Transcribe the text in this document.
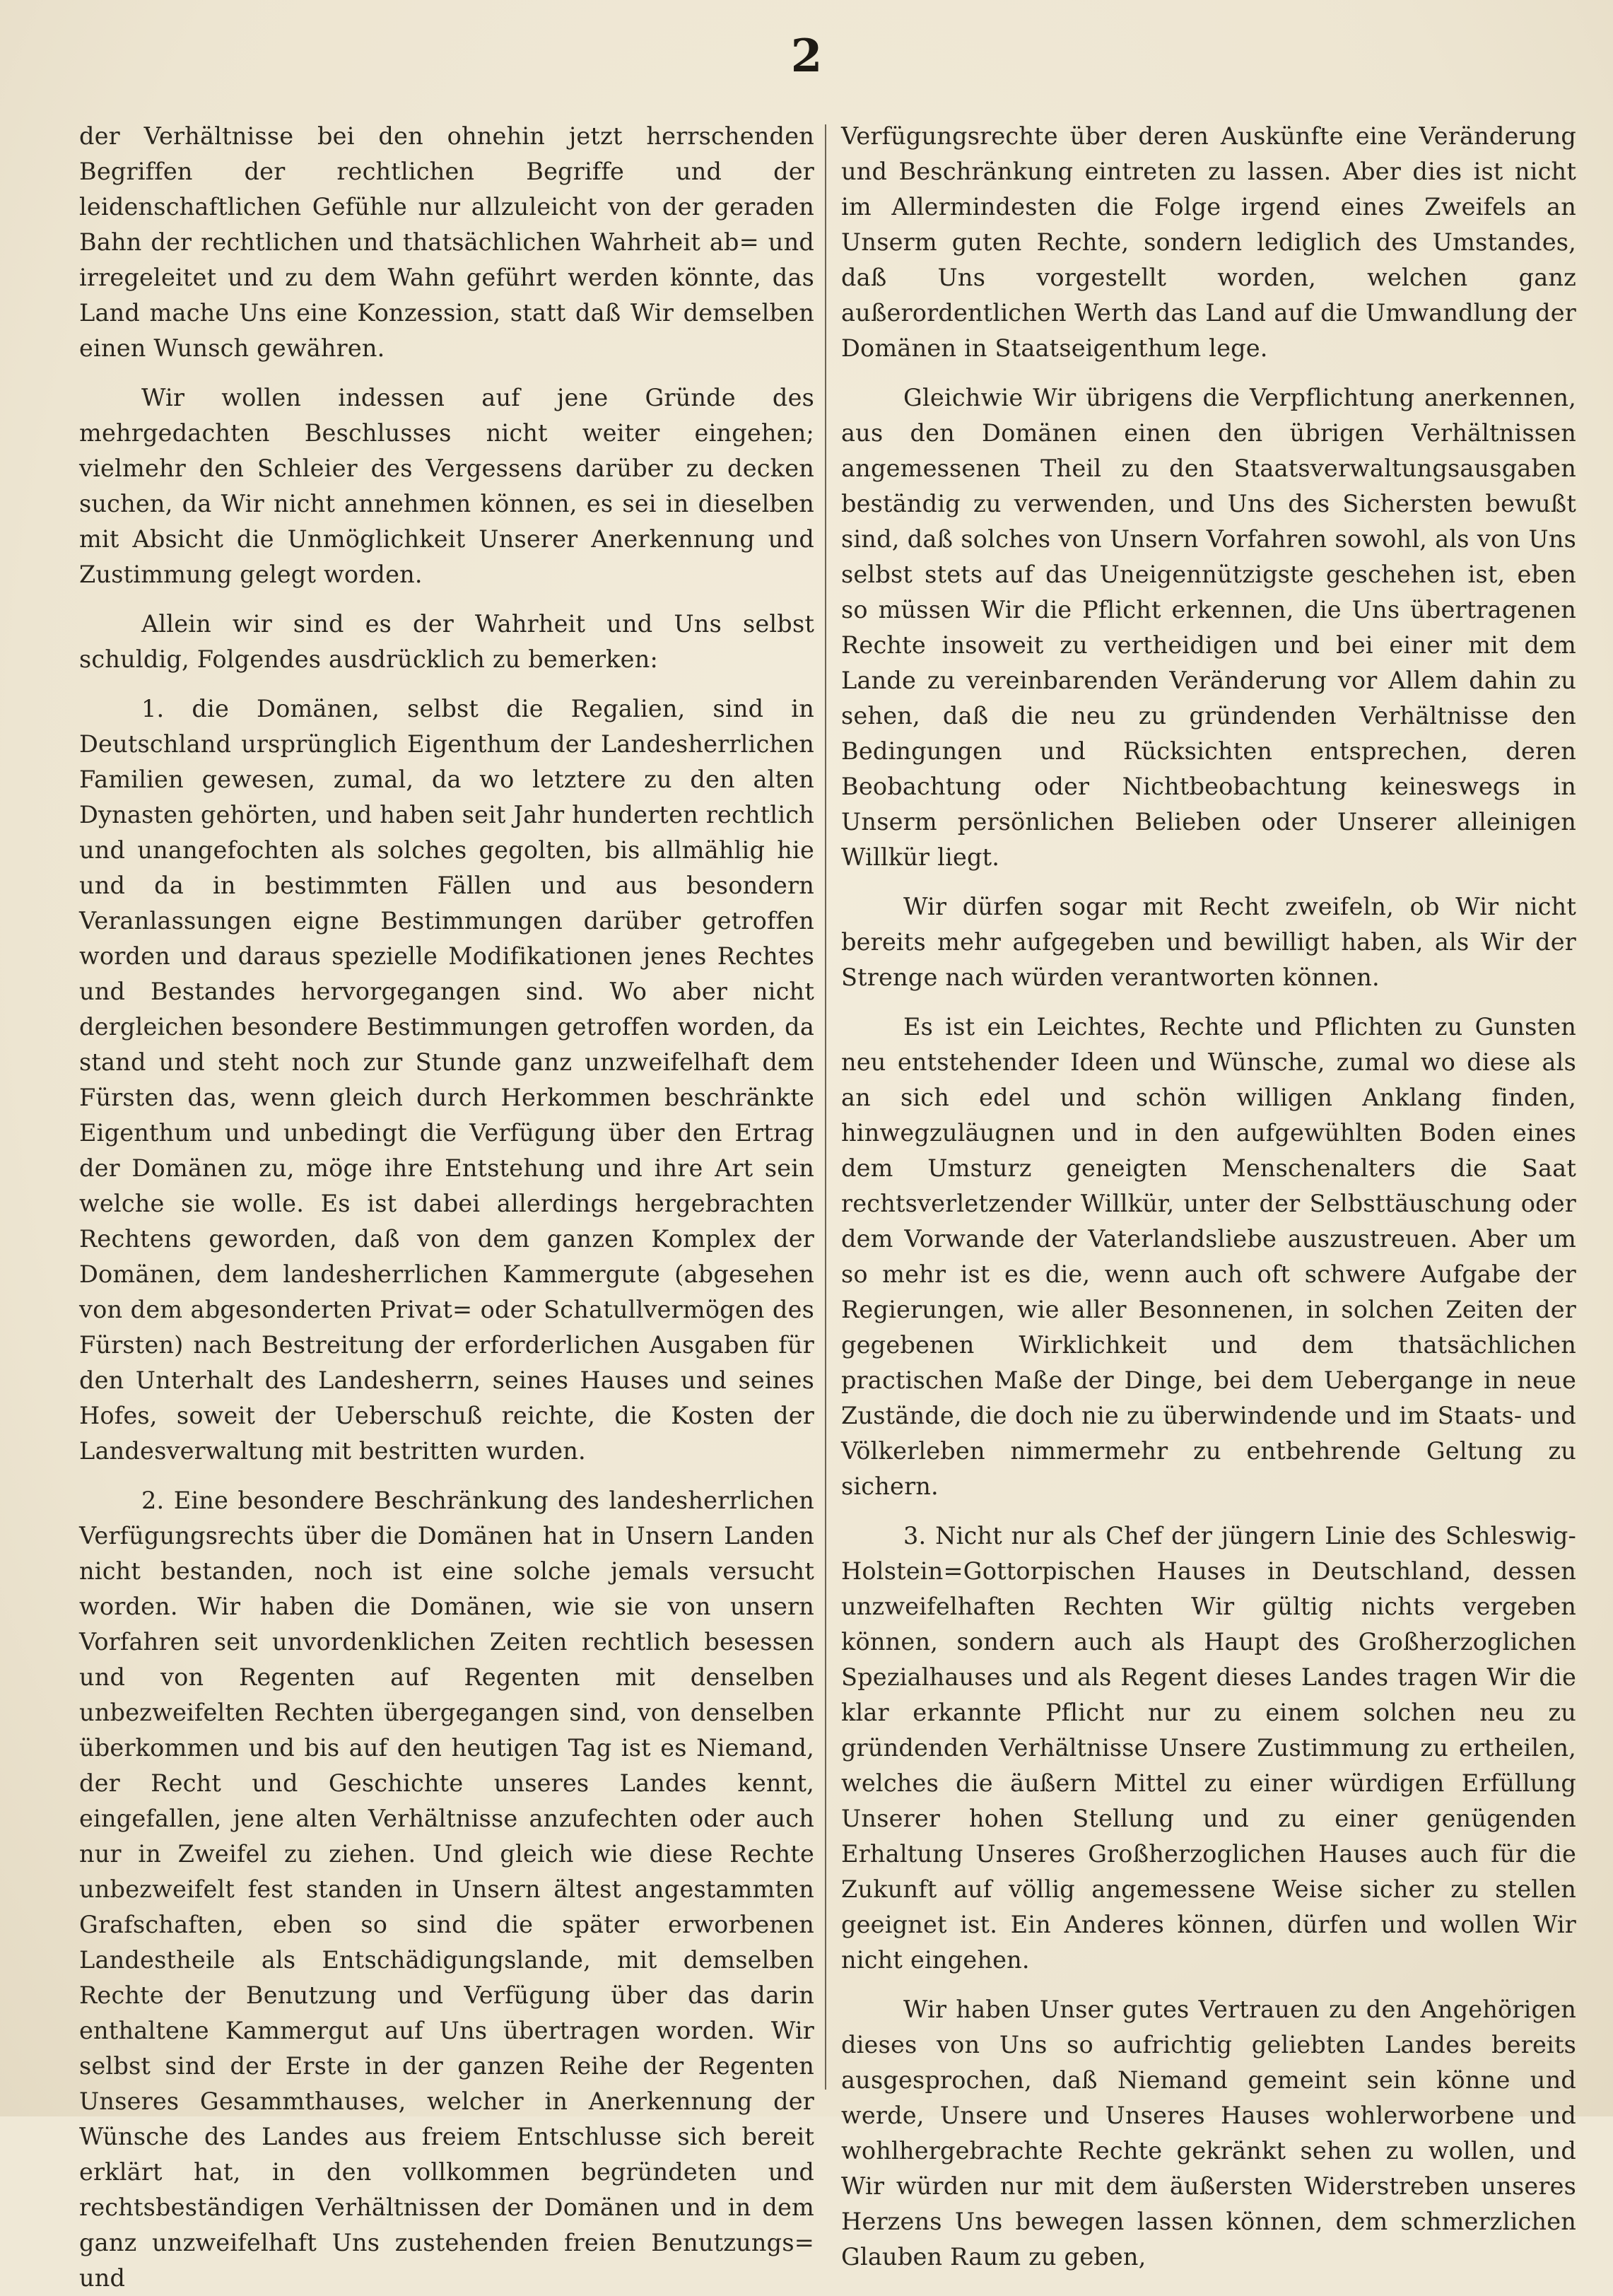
2

der Verhältnisse bei den ohnehin jetzt herrschenden Begriffen der rechtlichen Begriffe und der leidenschaftlichen Gefühle nur allzuleicht von der geraden Bahn der rechtlichen und thatsächlichen Wahrheit ab= und irregeleitet und zu dem Wahn geführt werden könnte, das Land mache Uns eine Konzession, statt daß Wir demselben einen Wunsch gewähren.

Wir wollen indessen auf jene Gründe des mehrgedachten Beschlusses nicht weiter eingehen; vielmehr den Schleier des Vergessens darüber zu decken suchen, da Wir nicht annehmen können, es sei in dieselben mit Absicht die Unmöglichkeit Unserer Anerkennung und Zustimmung gelegt worden.

Allein wir sind es der Wahrheit und Uns selbst schuldig, Folgendes ausdrücklich zu bemerken:

1. die Domänen, selbst die Regalien, sind in Deutschland ursprünglich Eigenthum der Landesherrlichen Familien gewesen, zumal, da wo letztere zu den alten Dynasten gehörten, und haben seit Jahr hunderten rechtlich und unangefochten als solches gegolten, bis allmählig hie und da in bestimmten Fällen und aus besondern Veranlassungen eigne Bestimmungen darüber getroffen worden und daraus spezielle Modifikationen jenes Rechtes und Bestandes hervorgegangen sind. Wo aber nicht dergleichen besondere Bestimmungen getroffen worden, da stand und steht noch zur Stunde ganz unzweifelhaft dem Fürsten das, wenn gleich durch Herkommen beschränkte Eigenthum und unbedingt die Verfügung über den Ertrag der Domänen zu, möge ihre Entstehung und ihre Art sein welche sie wolle. Es ist dabei allerdings hergebrachten Rechtens geworden, daß von dem ganzen Komplex der Domänen, dem landesherrlichen Kammergute (abgesehen von dem abgesonderten Privat= oder Schatullvermögen des Fürsten) nach Bestreitung der erforderlichen Ausgaben für den Unterhalt des Landesherrn, seines Hauses und seines Hofes, soweit der Ueberschuß reichte, die Kosten der Landesverwaltung mit bestritten wurden.

2. Eine besondere Beschränkung des landesherrlichen Verfügungsrechts über die Domänen hat in Unsern Landen nicht bestanden, noch ist eine solche jemals versucht worden. Wir haben die Domänen, wie sie von unsern Vorfahren seit unvordenklichen Zeiten rechtlich besessen und von Regenten auf Regenten mit denselben unbezweifelten Rechten übergegangen sind, von denselben überkommen und bis auf den heutigen Tag ist es Niemand, der Recht und Geschichte unseres Landes kennt, eingefallen, jene alten Verhältnisse anzufechten oder auch nur in Zweifel zu ziehen. Und gleich wie diese Rechte unbezweifelt fest standen in Unsern ältest angestammten Grafschaften, eben so sind die später erworbenen Landestheile als Entschädigungslande, mit demselben Rechte der Benutzung und Verfügung über das darin enthaltene Kammergut auf Uns übertragen worden. Wir selbst sind der Erste in der ganzen Reihe der Regenten Unseres Gesammthauses, welcher in Anerkennung der Wünsche des Landes aus freiem Entschlusse sich bereit erklärt hat, in den vollkommen begründeten und rechtsbeständigen Verhältnissen der Domänen und in dem ganz unzweifelhaft Uns zustehenden freien Benutzungs= und

Verfügungsrechte über deren Auskünfte eine Veränderung und Beschränkung eintreten zu lassen. Aber dies ist nicht im Allermindesten die Folge irgend eines Zweifels an Unserm guten Rechte, sondern lediglich des Umstandes, daß Uns vorgestellt worden, welchen ganz außerordentlichen Werth das Land auf die Umwandlung der Domänen in Staatseigenthum lege.

Gleichwie Wir übrigens die Verpflichtung anerkennen, aus den Domänen einen den übrigen Verhältnissen angemessenen Theil zu den Staatsverwaltungsausgaben beständig zu verwenden, und Uns des Sichersten bewußt sind, daß solches von Unsern Vorfahren sowohl, als von Uns selbst stets auf das Uneigennützigste geschehen ist, eben so müssen Wir die Pflicht erkennen, die Uns übertragenen Rechte insoweit zu vertheidigen und bei einer mit dem Lande zu vereinbarenden Veränderung vor Allem dahin zu sehen, daß die neu zu gründenden Verhältnisse den Bedingungen und Rücksichten entsprechen, deren Beobachtung oder Nichtbeobachtung keineswegs in Unserm persönlichen Belieben oder Unserer alleinigen Willkür liegt.

Wir dürfen sogar mit Recht zweifeln, ob Wir nicht bereits mehr aufgegeben und bewilligt haben, als Wir der Strenge nach würden verantworten können.

Es ist ein Leichtes, Rechte und Pflichten zu Gunsten neu entstehender Ideen und Wünsche, zumal wo diese als an sich edel und schön willigen Anklang finden, hinwegzuläugnen und in den aufgewühlten Boden eines dem Umsturz geneigten Menschenalters die Saat rechtsverletzender Willkür, unter der Selbsttäuschung oder dem Vorwande der Vaterlandsliebe auszustreuen. Aber um so mehr ist es die, wenn auch oft schwere Aufgabe der Regierungen, wie aller Besonnenen, in solchen Zeiten der gegebenen Wirklichkeit und dem thatsächlichen practischen Maße der Dinge, bei dem Uebergange in neue Zustände, die doch nie zu überwindende und im Staats- und Völkerleben nimmermehr zu entbehrende Geltung zu sichern.

3. Nicht nur als Chef der jüngern Linie des Schleswig-Holstein=Gottorpischen Hauses in Deutschland, dessen unzweifelhaften Rechten Wir gültig nichts vergeben können, sondern auch als Haupt des Großherzoglichen Spezialhauses und als Regent dieses Landes tragen Wir die klar erkannte Pflicht nur zu einem solchen neu zu gründenden Verhältnisse Unsere Zustimmung zu ertheilen, welches die äußern Mittel zu einer würdigen Erfüllung Unserer hohen Stellung und zu einer genügenden Erhaltung Unseres Großherzoglichen Hauses auch für die Zukunft auf völlig angemessene Weise sicher zu stellen geeignet ist. Ein Anderes können, dürfen und wollen Wir nicht eingehen.

Wir haben Unser gutes Vertrauen zu den Angehörigen dieses von Uns so aufrichtig geliebten Landes bereits ausgesprochen, daß Niemand gemeint sein könne und werde, Unsere und Unseres Hauses wohlerworbene und wohlhergebrachte Rechte gekränkt sehen zu wollen, und Wir würden nur mit dem äußersten Widerstreben unseres Herzens Uns bewegen lassen können, dem schmerzlichen Glauben Raum zu geben,
